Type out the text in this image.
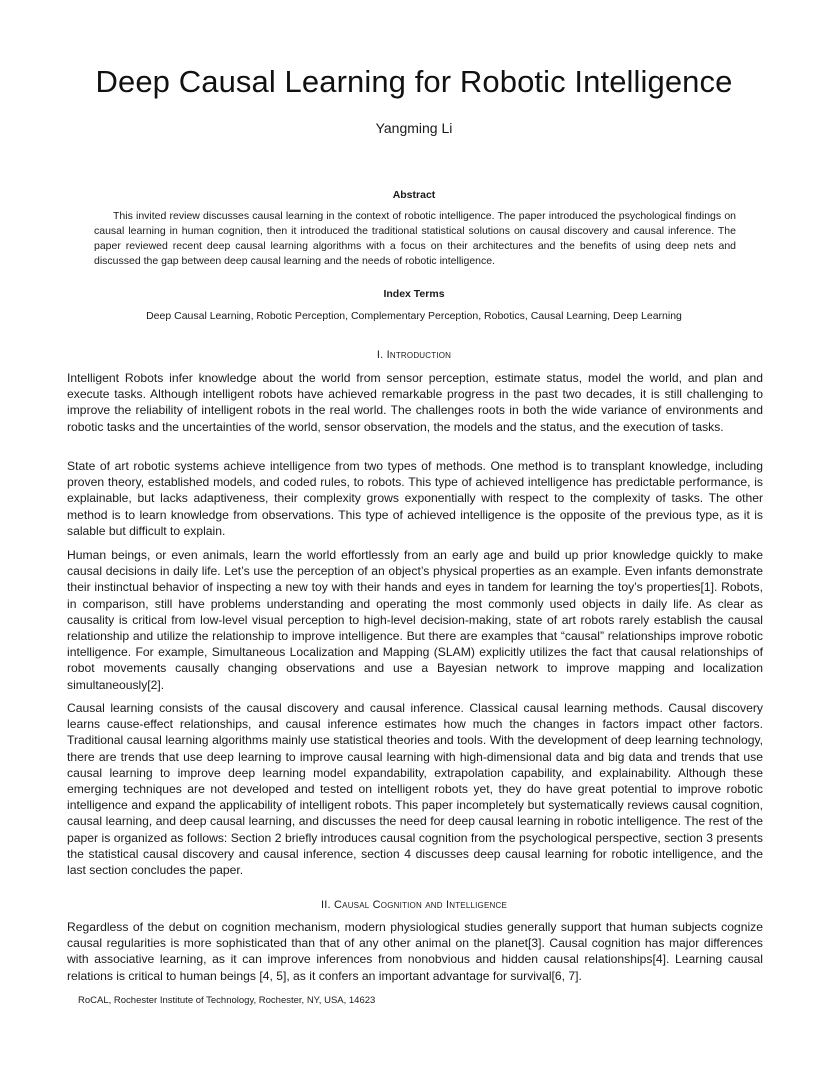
Deep Causal Learning for Robotic Intelligence
Yangming Li
Abstract

This invited review discusses causal learning in the context of robotic intelligence. The paper introduced the psychological findings on causal learning in human cognition, then it introduced the traditional statistical solutions on causal discovery and causal inference. The paper reviewed recent deep causal learning algorithms with a focus on their architectures and the benefits of using deep nets and discussed the gap between deep causal learning and the needs of robotic intelligence.

Index Terms
Deep Causal Learning, Robotic Perception, Complementary Perception, Robotics, Causal Learning, Deep Learning
I. Introduction

Intelligent Robots infer knowledge about the world from sensor perception, estimate status, model the world, and plan and execute tasks. Although intelligent robots have achieved remarkable progress in the past two decades, it is still challenging to improve the reliability of intelligent robots in the real world. The challenges roots in both the wide variance of environments and robotic tasks and the uncertainties of the world, sensor observation, the models and the status, and the execution of tasks.

State of art robotic systems achieve intelligence from two types of methods. One method is to transplant knowledge, including proven theory, established models, and coded rules, to robots. This type of achieved intelligence has predictable performance, is explainable, but lacks adaptiveness, their complexity grows exponentially with respect to the complexity of tasks. The other method is to learn knowledge from observations. This type of achieved intelligence is the opposite of the previous type, as it is salable but difficult to explain.

Human beings, or even animals, learn the world effortlessly from an early age and build up prior knowledge quickly to make causal decisions in daily life. Let’s use the perception of an object’s physical properties as an example. Even infants demonstrate their instinctual behavior of inspecting a new toy with their hands and eyes in tandem for learning the toy’s properties[1]. Robots, in comparison, still have problems understanding and operating the most commonly used objects in daily life. As clear as causality is critical from low-level visual perception to high-level decision-making, state of art robots rarely establish the causal relationship and utilize the relationship to improve intelligence. But there are examples that “causal” relationships improve robotic intelligence. For example, Simultaneous Localization and Mapping (SLAM) explicitly utilizes the fact that causal relationships of robot movements causally changing observations and use a Bayesian network to improve mapping and localization simultaneously[2].

Causal learning consists of the causal discovery and causal inference. Classical causal learning methods. Causal discovery learns cause-effect relationships, and causal inference estimates how much the changes in factors impact other factors. Traditional causal learning algorithms mainly use statistical theories and tools. With the development of deep learning technology, there are trends that use deep learning to improve causal learning with high-dimensional data and big data and trends that use causal learning to improve deep learning model expandability, extrapolation capability, and explainability. Although these emerging techniques are not developed and tested on intelligent robots yet, they do have great potential to improve robotic intelligence and expand the applicability of intelligent robots. This paper incompletely but systematically reviews causal cognition, causal learning, and deep causal learning, and discusses the need for deep causal learning in robotic intelligence. The rest of the paper is organized as follows: Section 2 briefly introduces causal cognition from the psychological perspective, section 3 presents the statistical causal discovery and causal inference, section 4 discusses deep causal learning for robotic intelligence, and the last section concludes the paper.

II. Causal Cognition and Intelligence

Regardless of the debut on cognition mechanism, modern physiological studies generally support that human subjects cognize causal regularities is more sophisticated than that of any other animal on the planet[3]. Causal cognition has major differences with associative learning, as it can improve inferences from nonobvious and hidden causal relationships[4]. Learning causal relations is critical to human beings [4, 5], as it confers an important advantage for survival[6, 7].

RoCAL, Rochester Institute of Technology, Rochester, NY, USA, 14623
